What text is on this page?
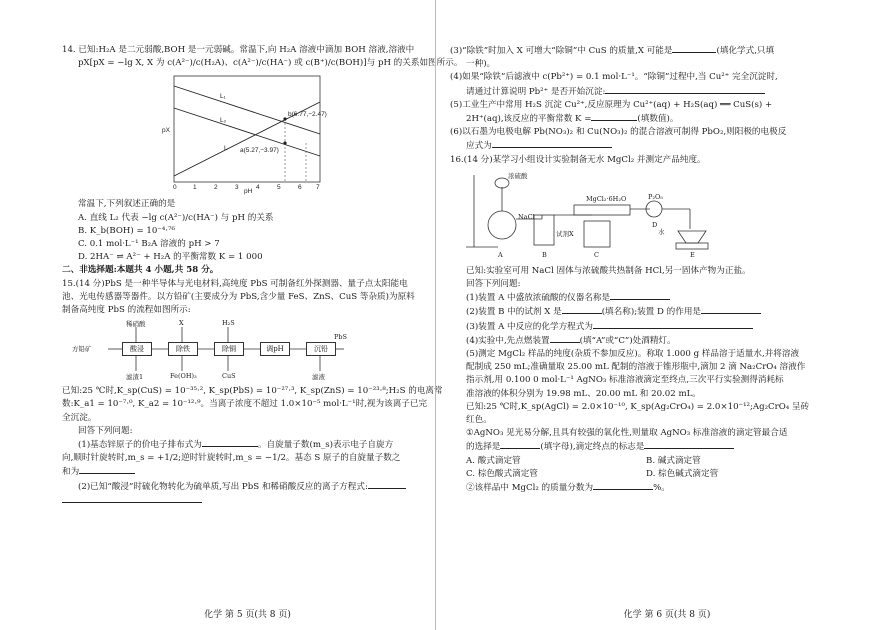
14. 已知:H₂A 是二元弱酸,BOH 是一元弱碱。常温下,向 H₂A 溶液中滴加 BOH 溶液,溶液中
pX[pX = −lg X, X 为 c(A²⁻)/c(H₂A)、c(A²⁻)/c(HA⁻) 或 c(B⁺)/c(BOH)]与 pH 的关系如图所示。
pX
pH
L₁
L₂
L
b(6.77,−2.47)
a(5.27,−3.97)
0	1	2	3	4	5	6 7
常温下,下列叙述正确的是
A. 直线 L₂ 代表 −lg c(A²⁻)/c(HA⁻) 与 pH 的关系
B. K_b(BOH) = 10⁻⁴·⁷⁶
C. 0.1 mol·L⁻¹ B₂A 溶液的 pH > 7
D. 2HA⁻ ⇌ A²⁻ + H₂A 的平衡常数 K = 1 000
二、非选择题:本题共 4 小题,共 58 分。
15.(14 分)PbS 是一种半导体与光电材料,高纯度 PbS 可制备红外探测器、量子点太阳能电
池、光电传感器等器件。以方铅矿(主要成分为 PbS,含少量 FeS、ZnS、CuS 等杂质)为原料
制备高纯度 PbS 的流程如图所示:
方铅矿	酸浸	除铁	除铜	调pH	沉铅
PbS
稀硝酸	X	H₂S
滤渣1	Fe(OH)₃	CuS	滤液
已知:25 ℃时,K_sp(CuS) = 10⁻³⁵·², K_sp(PbS) = 10⁻²⁷·³, K_sp(ZnS) = 10⁻²³·⁸;H₂S 的电离常
数:K_a1 = 10⁻⁷·⁰, K_a2 = 10⁻¹²·⁹。当离子浓度不超过 1.0×10⁻⁵ mol·L⁻¹时,视为该离子已完
全沉淀。
回答下列问题:
(1)基态锌原子的价电子排布式为	。自旋量子数(m_s)表示电子自旋方
向,顺时针旋转时,m_s = +1/2;逆时针旋转时,m_s = −1/2。基态 S 原子的自旋量子数之
和为
(2)已知“酸浸”时硫化物转化为硫单质,写出 PbS 和稀硝酸反应的离子方程式:
化学 第 5 页(共 8 页)
(3)“除铁”时加入 X 可增大“除铜”中 CuS 的质量,X 可能是	(填化学式,只填
一种)。
(4)如果“除铁”后滤液中 c(Pb²⁺) = 0.1 mol·L⁻¹。“除铜”过程中,当 Cu²⁺ 完全沉淀时,
请通过计算说明 Pb²⁺ 是否开始沉淀:
(5)工业生产中常用 H₂S 沉淀 Cu²⁺,反应原理为 Cu²⁺(aq) + H₂S(aq) ══ CuS(s) +
2H⁺(aq),该反应的平衡常数 K =	(填数值)。
(6)以石墨为电极电解 Pb(NO₃)₂ 和 Cu(NO₃)₂ 的混合溶液可制得 PbO₂,则阳极的电极反
应式为
16.(14 分)某学习小组设计实验制备无水 MgCl₂ 并测定产品纯度。
浓硫酸
NaCl
试剂X
MgCl₂·6H₂O	P₂O₅
水
A	B	C
D
E
已知:实验室可用 NaCl 固体与浓硫酸共热制备 HCl,另一固体产物为正盐。
回答下列问题:
(1)装置 A 中盛放浓硫酸的仪器名称是
(2)装置 B 中的试剂 X 是	(填名称);装置 D 的作用是
(3)装置 A 中反应的化学方程式为
(4)实验中,先点燃装置	(填“A”或“C”)处酒精灯。
(5)测定 MgCl₂ 样品的纯度(杂质不参加反应)。称取 1.000 g 样品溶于适量水,并将溶液
配制成 250 mL;准确量取 25.00 mL 配制的溶液于锥形瓶中,滴加 2 滴 Na₂CrO₄ 溶液作
指示剂,用 0.100 0 mol·L⁻¹ AgNO₃ 标准溶液滴定至终点,三次平行实验测得消耗标
准溶液的体积分别为 19.98 mL、20.00 mL 和 20.02 mL。
已知:25 ℃时,K_sp(AgCl) = 2.0×10⁻¹⁰, K_sp(Ag₂CrO₄) = 2.0×10⁻¹²;Ag₂CrO₄ 呈砖
红色。
①AgNO₃ 见光易分解,且具有较强的氧化性,则量取 AgNO₃ 标准溶液的滴定管最合适
的选择是	(填字母),滴定终点的标志是
A. 酸式滴定管	B. 碱式滴定管
C. 棕色酸式滴定管	D. 棕色碱式滴定管
②该样品中 MgCl₂ 的质量分数为	%。
化学 第 6 页(共 8 页)
